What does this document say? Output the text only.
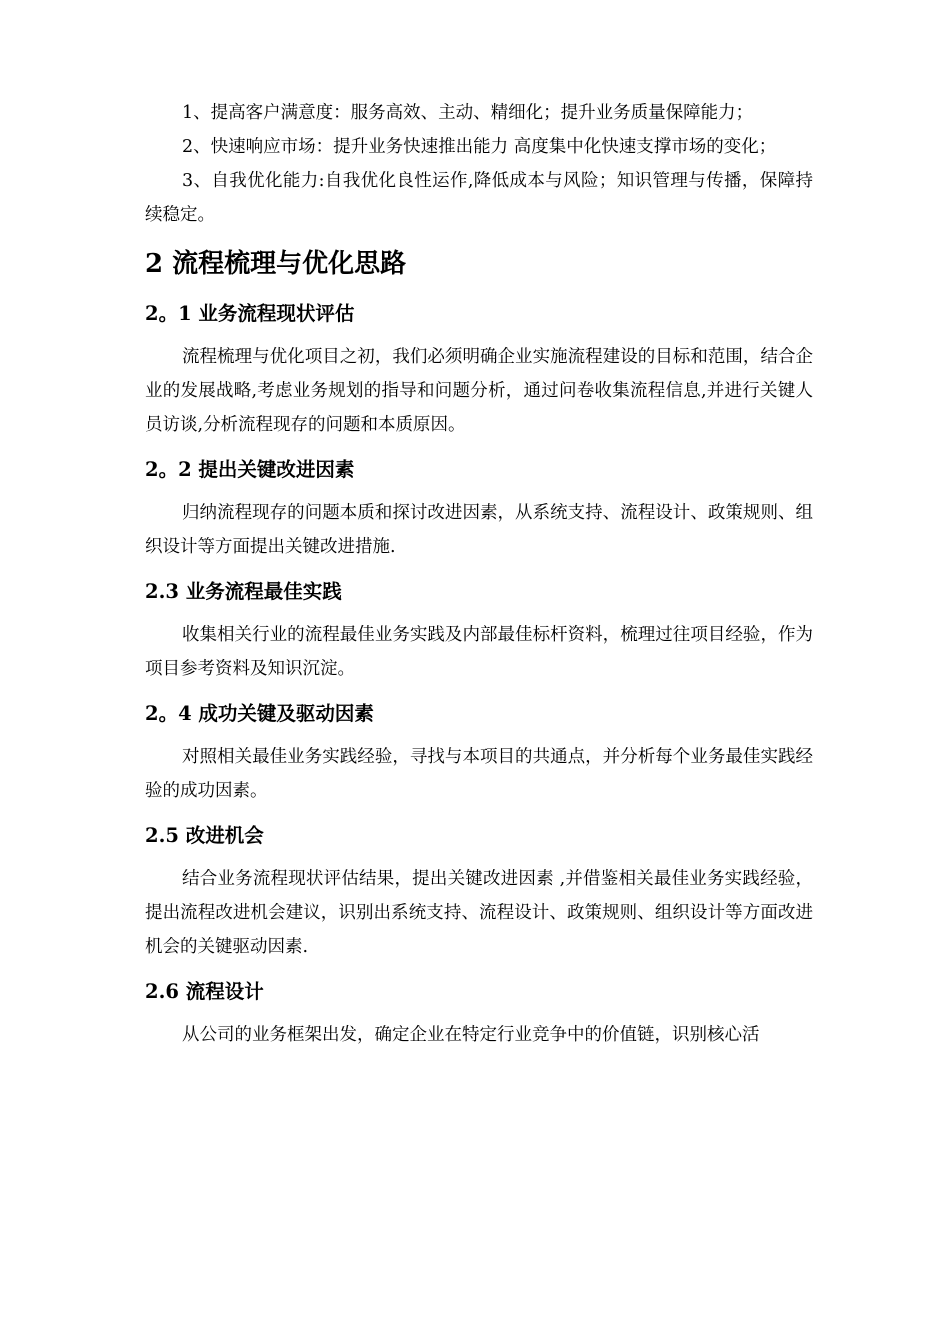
1、提高客户满意度：服务高效、主动、精细化；提升业务质量保障能力；

2、快速响应市场：提升业务快速推出能力 高度集中化快速支撑市场的变化；

3、自我优化能力:自我优化良性运作,降低成本与风险；知识管理与传播，保障持续稳定。

2 流程梳理与优化思路
2。1 业务流程现状评估

流程梳理与优化项目之初，我们必须明确企业实施流程建设的目标和范围，结合企业的发展战略,考虑业务规划的指导和问题分析，通过问卷收集流程信息,并进行关键人员访谈,分析流程现存的问题和本质原因。

2。2 提出关键改进因素

归纳流程现存的问题本质和探讨改进因素，从系统支持、流程设计、政策规则、组织设计等方面提出关键改进措施.

2.3 业务流程最佳实践

收集相关行业的流程最佳业务实践及内部最佳标杆资料，梳理过往项目经验，作为项目参考资料及知识沉淀。

2。4 成功关键及驱动因素

对照相关最佳业务实践经验，寻找与本项目的共通点，并分析每个业务最佳实践经验的成功因素。

2.5 改进机会

结合业务流程现状评估结果，提出关键改进因素 ,并借鉴相关最佳业务实践经验，提出流程改进机会建议，识别出系统支持、流程设计、政策规则、组织设计等方面改进机会的关键驱动因素.

2.6 流程设计

从公司的业务框架出发，确定企业在特定行业竞争中的价值链，识别核心活
